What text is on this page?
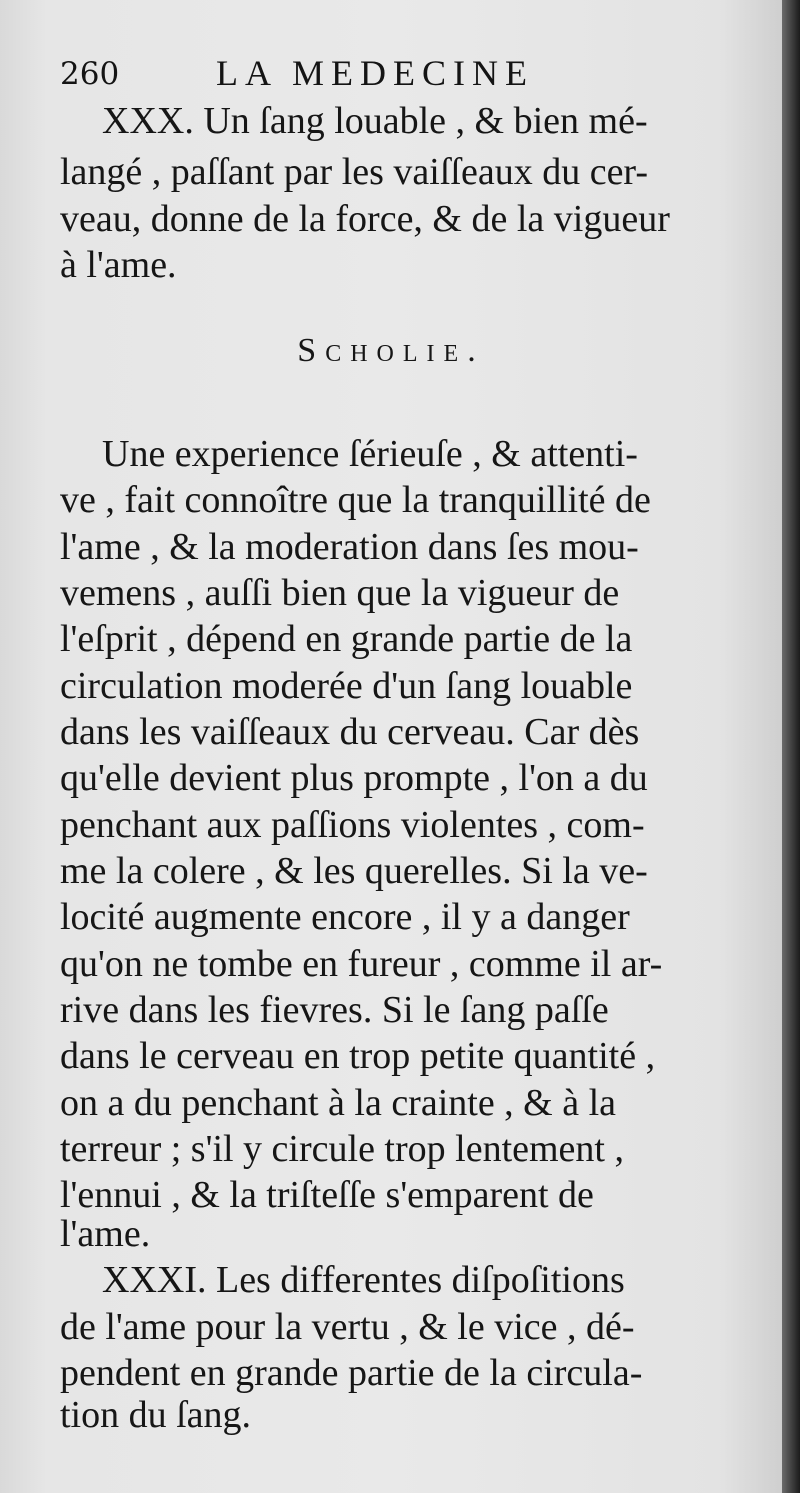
260	LA MEDECINE
XXX. Un ſang louable , & bien mé-
langé , paſſant par les vaiſſeaux du cer-
veau, donne de la force, & de la vigueur
à l'ame.
Scholie.
Une experience ſérieuſe , & attenti-
ve , fait connoître que la tranquillité de
l'ame , & la moderation dans ſes mou-
vemens , auſſi bien que la vigueur de
l'eſprit , dépend en grande partie de la
circulation moderée d'un ſang louable
dans les vaiſſeaux du cerveau. Car dès
qu'elle devient plus prompte , l'on a du
penchant aux paſſions violentes , com-
me la colere , & les querelles. Si la ve-
locité augmente encore , il y a danger
qu'on ne tombe en fureur , comme il ar-
rive dans les fievres. Si le ſang paſſe
dans le cerveau en trop petite quantité ,
on a du penchant à la crainte , & à la
terreur ; s'il y circule trop lentement ,
l'ennui , & la triſteſſe s'emparent de
l'ame.
XXXI. Les differentes diſpoſitions
de l'ame pour la vertu , & le vice , dé-
pendent en grande partie de la circula-
tion du ſang.
